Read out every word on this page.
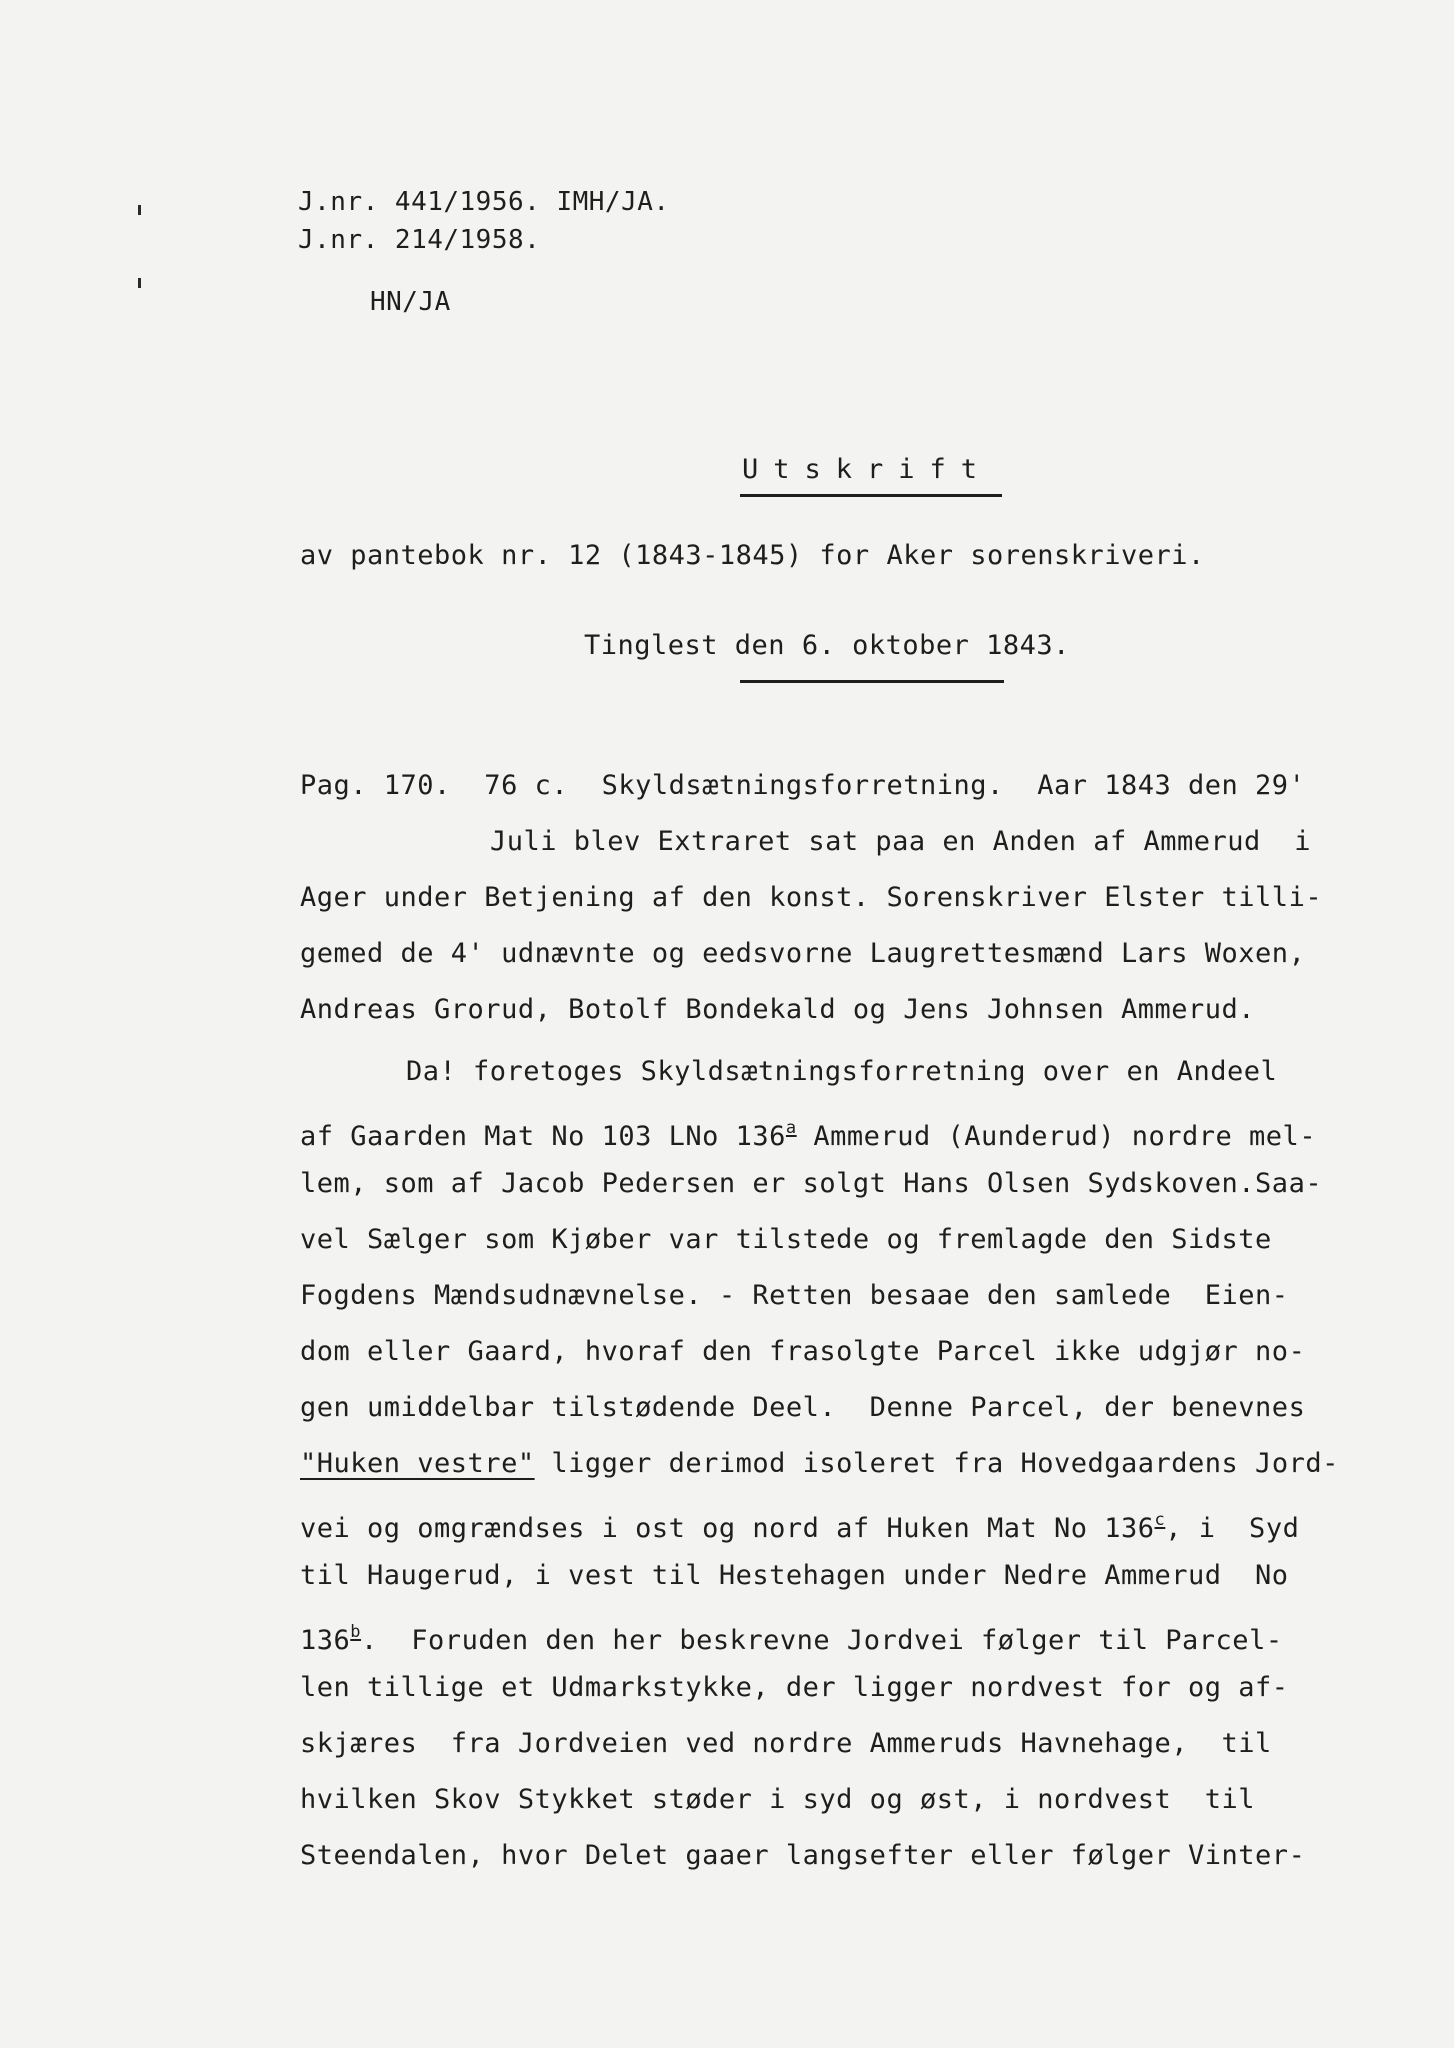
J.nr. 441/1956. IMH/JA.
J.nr. 214/1958.
HN/JA
Utskrift
av pantebok nr. 12 (1843-1845) for Aker sorenskriveri.
Tinglest den 6. oktober 1843.
Pag. 170.  76 c.  Skyldsætningsforretning.  Aar 1843 den 29'
Juli blev Extraret sat paa en Anden af Ammerud  i
Ager under Betjening af den konst. Sorenskriver Elster tilli-
gemed de 4' udnævnte og eedsvorne Laugrettesmænd Lars Woxen,
Andreas Grorud, Botolf Bondekald og Jens Johnsen Ammerud.
Da! foretoges Skyldsætningsforretning over en Andeel
af Gaarden Mat No 103 LNo 136$^a$ Ammerud (Aunderud) nordre mel-
lem, som af Jacob Pedersen er solgt Hans Olsen Sydskoven.Saa-
vel Sælger som Kjøber var tilstede og fremlagde den Sidste
Fogdens Mændsudnævnelse. - Retten besaae den samlede  Eien-
dom eller Gaard, hvoraf den frasolgte Parcel ikke udgjør no-
gen umiddelbar tilstødende Deel.  Denne Parcel, der benevnes
"Huken vestre" ligger derimod isoleret fra Hovedgaardens Jord-
vei og omgrændses i ost og nord af Huken Mat No 136$^c$, i  Syd
til Haugerud, i vest til Hestehagen under Nedre Ammerud  No
136$^b$.  Foruden den her beskrevne Jordvei følger til Parcel-
len tillige et Udmarkstykke, der ligger nordvest for og af-
skjæres  fra Jordveien ved nordre Ammeruds Havnehage,  til
hvilken Skov Stykket støder i syd og øst, i nordvest  til
Steendalen, hvor Delet gaaer langsefter eller følger Vinter-
